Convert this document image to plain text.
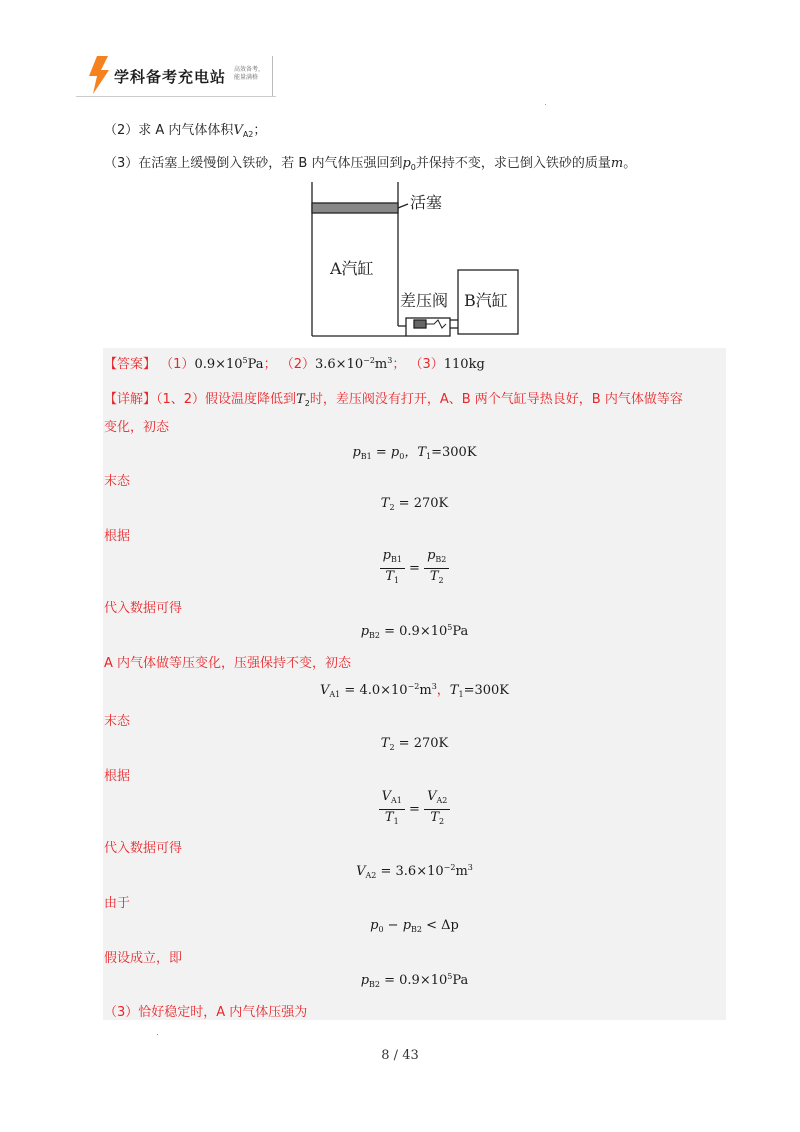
学科备考充电站 高效备考，
能量满格
（2）求 A 内气体体积$V_{A2}$；
（3）在活塞上缓慢倒入铁砂，若 B 内气体压强回到$p_0$并保持不变，求已倒入铁砂的质量m。
活塞
A汽缸
差压阀 B汽缸
【答案】 $(1)0.9\times 10^5Pa$； $(2)3.6\times 10^{-2}m^3$； （3）110kg
【详解】（1、2）假设温度降低到$T_2$时，差压阀没有打开，A、B 两个气缸导热良好，B 内气体做等容
变化，初态
$p_{B1} = p_0$，$T_1=300K$
末态
$T_2 = 270K$
根据
$\frac{p_{B1}}{T_1} = \frac{p_{B2}}{T_2}$
代入数据可得
$p_{B2} = 0.9\times 10^5Pa$
A 内气体做等压变化，压强保持不变，初态
$V_{A1} = 4.0\times 10^{-2}m^3$，$T_1=300K$
末态
$T_2 = 270K$
根据
$\frac{V_{A1}}{T_1} = \frac{V_{A2}}{T_2}$
代入数据可得
$V_{A2} = 3.6\times 10^{-2}m^3$
由于
$p_0 - p_{B2} < \Delta p$
假设成立，即
$p_{B2} = 0.9\times 10^5Pa$
（3）恰好稳定时，A 内气体压强为
8 / 43
